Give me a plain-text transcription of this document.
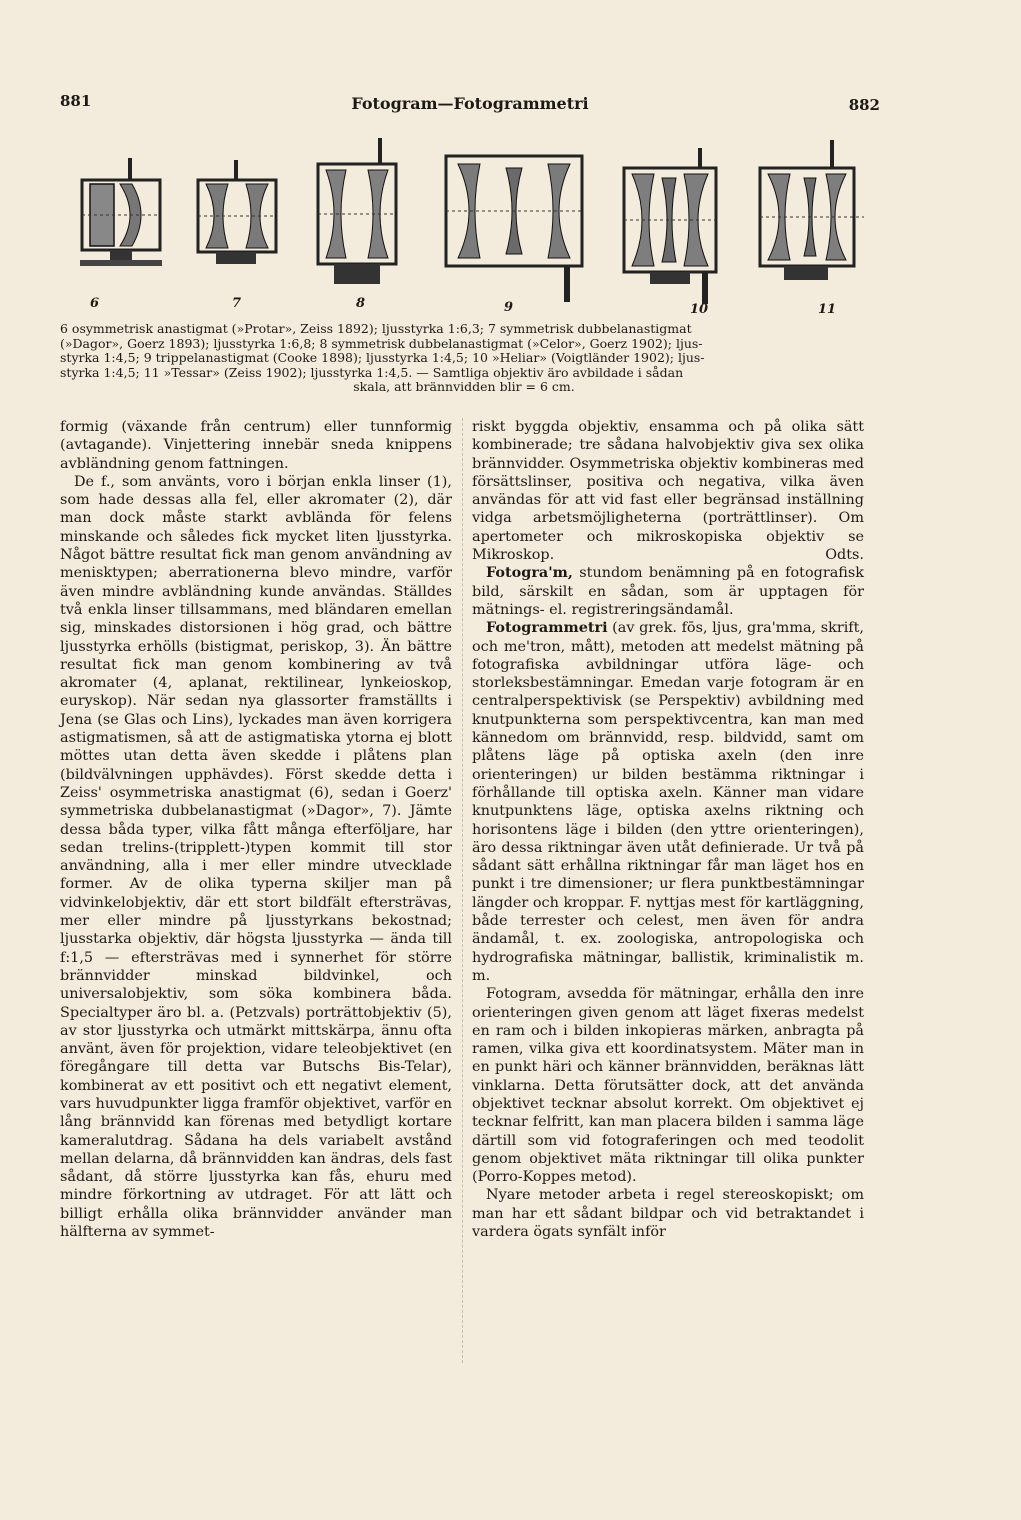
881	Fotogram—Fotogrammetri	882
6	7	8	9	10	11
6 osymmetrisk anastigmat (»Protar», Zeiss 1892); ljusstyrka 1:6,3; 7 symmetrisk dubbelanastigmat
(»Dagor», Goerz 1893); ljusstyrka 1:6,8; 8 symmetrisk dubbelanastigmat (»Celor», Goerz 1902); ljus-
styrka 1:4,5; 9 trippelanastigmat (Cooke 1898); ljusstyrka 1:4,5; 10 »Heliar» (Voigtländer 1902); ljus-
styrka 1:4,5; 11 »Tessar» (Zeiss 1902); ljusstyrka 1:4,5. — Samtliga objektiv äro avbildade i sådan
skala, att brännvidden blir = 6 cm.

formig (växande från centrum) eller tunnformig (avtagande). Vinjettering innebär sneda knippens avbländning genom fattningen.

De f., som använts, voro i början enkla linser (1), som hade dessas alla fel, eller akromater (2), där man dock måste starkt avblända för felens minskande och således fick mycket liten ljusstyrka. Något bättre resultat fick man genom användning av menisktypen; aberrationerna blevo mindre, varför även mindre avbländning kunde användas. Ställdes två enkla linser tillsammans, med bländaren emellan sig, minskades distorsionen i hög grad, och bättre ljusstyrka erhölls (bistigmat, periskop, 3). Än bättre resultat fick man genom kombinering av två akromater (4, aplanat, rektilinear, lynkeioskop, euryskop). När sedan nya glassorter framställts i Jena (se Glas och Lins), lyckades man även korrigera astigmatismen, så att de astigmatiska ytorna ej blott möttes utan detta även skedde i plåtens plan (bildvälvningen upphävdes). Först skedde detta i Zeiss' osymmetriska anastigmat (6), sedan i Goerz' symmetriska dubbelanastigmat (»Dagor», 7). Jämte dessa båda typer, vilka fått många efterföljare, har sedan trelins-(tripplett-)typen kommit till stor användning, alla i mer eller mindre utvecklade former. Av de olika typerna skiljer man på vidvinkelobjektiv, där ett stort bildfält eftersträvas, mer eller mindre på ljusstyrkans bekostnad; ljusstarka objektiv, där högsta ljusstyrka — ända till f:1,5 — eftersträvas med i synnerhet för större brännvidder minskad bildvinkel, och universalobjektiv, som söka kombinera båda. Specialtyper äro bl. a. (Petzvals) porträttobjektiv (5), av stor ljusstyrka och utmärkt mittskärpa, ännu ofta använt, även för projektion, vidare teleobjektivet (en föregångare till detta var Butschs Bis-Telar), kombinerat av ett positivt och ett negativt element, vars huvudpunkter ligga framför objektivet, varför en lång brännvidd kan förenas med betydligt kortare kameralutdrag. Sådana ha dels variabelt avstånd mellan delarna, då brännvidden kan ändras, dels fast sådant, då större ljusstyrka kan fås, ehuru med mindre förkortning av utdraget. För att lätt och billigt erhålla olika brännvidder använder man hälfterna av symmet-

riskt byggda objektiv, ensamma och på olika sätt kombinerade; tre sådana halvobjektiv giva sex olika brännvidder. Osymmetriska objektiv kombineras med försättslinser, positiva och negativa, vilka även användas för att vid fast eller begränsad inställning vidga arbetsmöjligheterna (porträttlinser). Om apertometer och mikroskopiska objektiv se Mikroskop.	Odts.

Fotogra'm, stundom benämning på en fotografisk bild, särskilt en sådan, som är upptagen för mätnings- el. registreringsändamål.

Fotogrammetri (av grek. fōs, ljus, gra'mma, skrift, och me'tron, mått), metoden att medelst mätning på fotografiska avbildningar utföra läge- och storleksbestämningar. Emedan varje fotogram är en centralperspektivisk (se Perspektiv) avbildning med knutpunkterna som perspektivcentra, kan man med kännedom om brännvidd, resp. bildvidd, samt om plåtens läge på optiska axeln (den inre orienteringen) ur bilden bestämma riktningar i förhållande till optiska axeln. Känner man vidare knutpunktens läge, optiska axelns riktning och horisontens läge i bilden (den yttre orienteringen), äro dessa riktningar även utåt definierade. Ur två på sådant sätt erhållna riktningar får man läget hos en punkt i tre dimensioner; ur flera punktbestämningar längder och kroppar. F. nyttjas mest för kartläggning, både terrester och celest, men även för andra ändamål, t. ex. zoologiska, antropologiska och hydrografiska mätningar, ballistik, kriminalistik m. m.

Fotogram, avsedda för mätningar, erhålla den inre orienteringen given genom att läget fixeras medelst en ram och i bilden inkopieras märken, anbragta på ramen, vilka giva ett koordinatsystem. Mäter man in en punkt häri och känner brännvidden, beräknas lätt vinklarna. Detta förutsätter dock, att det använda objektivet tecknar absolut korrekt. Om objektivet ej tecknar felfritt, kan man placera bilden i samma läge därtill som vid fotograferingen och med teodolit genom objektivet mäta riktningar till olika punkter (Porro-Koppes metod).

Nyare metoder arbeta i regel stereoskopiskt; om man har ett sådant bildpar och vid betraktandet i vardera ögats synfält inför
